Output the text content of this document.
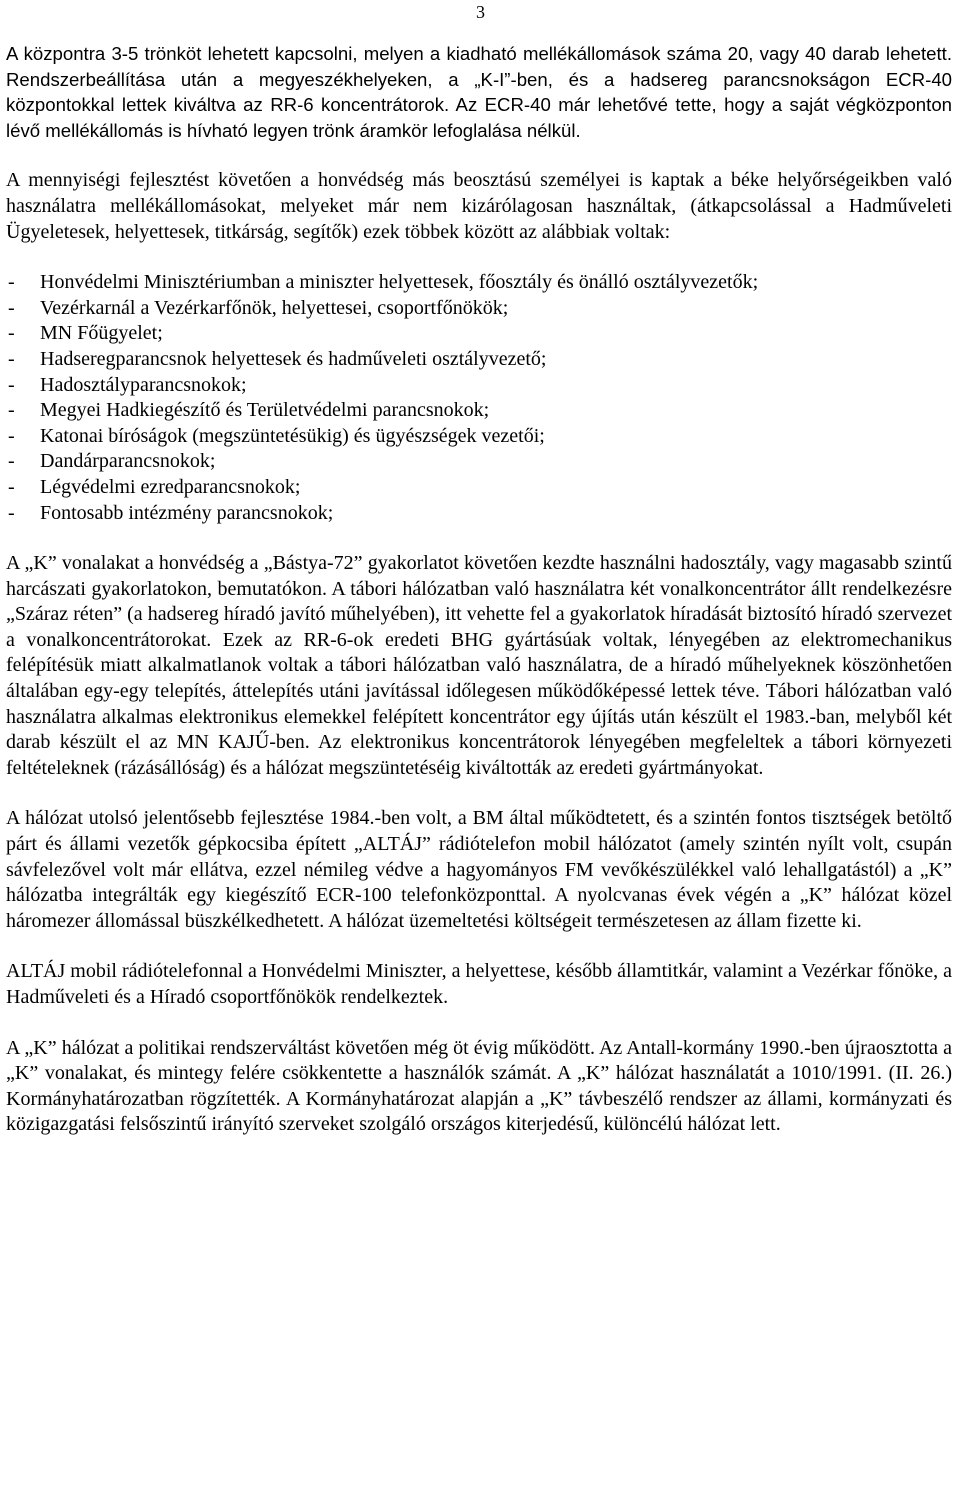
3

A központra 3-5 trönköt lehetett kapcsolni, melyen a kiadható mellékállomások száma 20, vagy 40 darab lehetett. Rendszerbeállítása után a megyeszékhelyeken, a „K-I”-ben, és a hadsereg parancsnokságon ECR-40 központokkal lettek kiváltva az RR-6 koncentrátorok. Az ECR-40 már lehetővé tette, hogy a saját végközponton lévő mellékállomás is hívható legyen trönk áramkör lefoglalása nélkül.

A mennyiségi fejlesztést követően a honvédség más beosztású személyei is kaptak a béke helyőrségeikben való használatra mellékállomásokat, melyeket már nem kizárólagosan használtak, (átkapcsolással a Hadműveleti Ügyeletesek, helyettesek, titkárság, segítők) ezek többek között az alábbiak voltak:

- Honvédelmi Minisztériumban a miniszter helyettesek, főosztály és önálló osztályvezetők;
- Vezérkarnál a Vezérkarfőnök, helyettesei, csoportfőnökök;
- MN Főügyelet;
- Hadseregparancsnok helyettesek és hadműveleti osztályvezető;
- Hadosztályparancsnokok;
- Megyei Hadkiegészítő és Területvédelmi parancsnokok;
- Katonai bíróságok (megszüntetésükig) és ügyészségek vezetői;
- Dandárparancsnokok;
- Légvédelmi ezredparancsnokok;
- Fontosabb intézmény parancsnokok;

A „K” vonalakat a honvédség a „Bástya-72” gyakorlatot követően kezdte használni hadosztály, vagy magasabb szintű harcászati gyakorlatokon, bemutatókon. A tábori hálózatban való használatra két vonalkoncentrátor állt rendelkezésre „Száraz réten” (a hadsereg híradó javító műhelyében), itt vehette fel a gyakorlatok híradását biztosító híradó szervezet a vonalkoncentrátorokat. Ezek az RR-6-ok eredeti BHG gyártásúak voltak, lényegében az elektromechanikus felépítésük miatt alkalmatlanok voltak a tábori hálózatban való használatra, de a híradó műhelyeknek köszönhetően általában egy-egy telepítés, áttelepítés utáni javítással időlegesen működőképessé lettek téve. Tábori hálózatban való használatra alkalmas elektronikus elemekkel felépített koncentrátor egy újítás után készült el 1983.-ban, melyből két darab készült el az MN KAJŰ-ben. Az elektronikus koncentrátorok lényegében megfeleltek a tábori környezeti feltételeknek (rázásállóság) és a hálózat megszüntetéséig kiváltották az eredeti gyártmányokat.

A hálózat utolsó jelentősebb fejlesztése 1984.-ben volt, a BM által működtetett, és a szintén fontos tisztségek betöltő párt és állami vezetők gépkocsiba épített „ALTÁJ” rádiótelefon mobil hálózatot (amely szintén nyílt volt, csupán sávfelezővel volt már ellátva, ezzel némileg védve a hagyományos FM vevőkészülékkel való lehallgatástól) a „K” hálózatba integrálták egy kiegészítő ECR-100 telefonközponttal. A nyolcvanas évek végén a „K” hálózat közel háromezer állomással büszkélkedhetett. A hálózat üzemeltetési költségeit természetesen az állam fizette ki.

ALTÁJ mobil rádiótelefonnal a Honvédelmi Miniszter, a helyettese, később államtitkár, valamint a Vezérkar főnöke, a Hadműveleti és a Híradó csoportfőnökök rendelkeztek.

A „K” hálózat a politikai rendszerváltást követően még öt évig működött. Az Antall-kormány 1990.-ben újraosztotta a „K” vonalakat, és mintegy felére csökkentette a használók számát. A „K” hálózat használatát a 1010/1991. (II. 26.) Kormányhatározatban rögzítették. A Kormányhatározat alapján a „K” távbeszélő rendszer az állami, kormányzati és közigazgatási felsőszintű irányító szerveket szolgáló országos kiterjedésű, különcélú hálózat lett.
